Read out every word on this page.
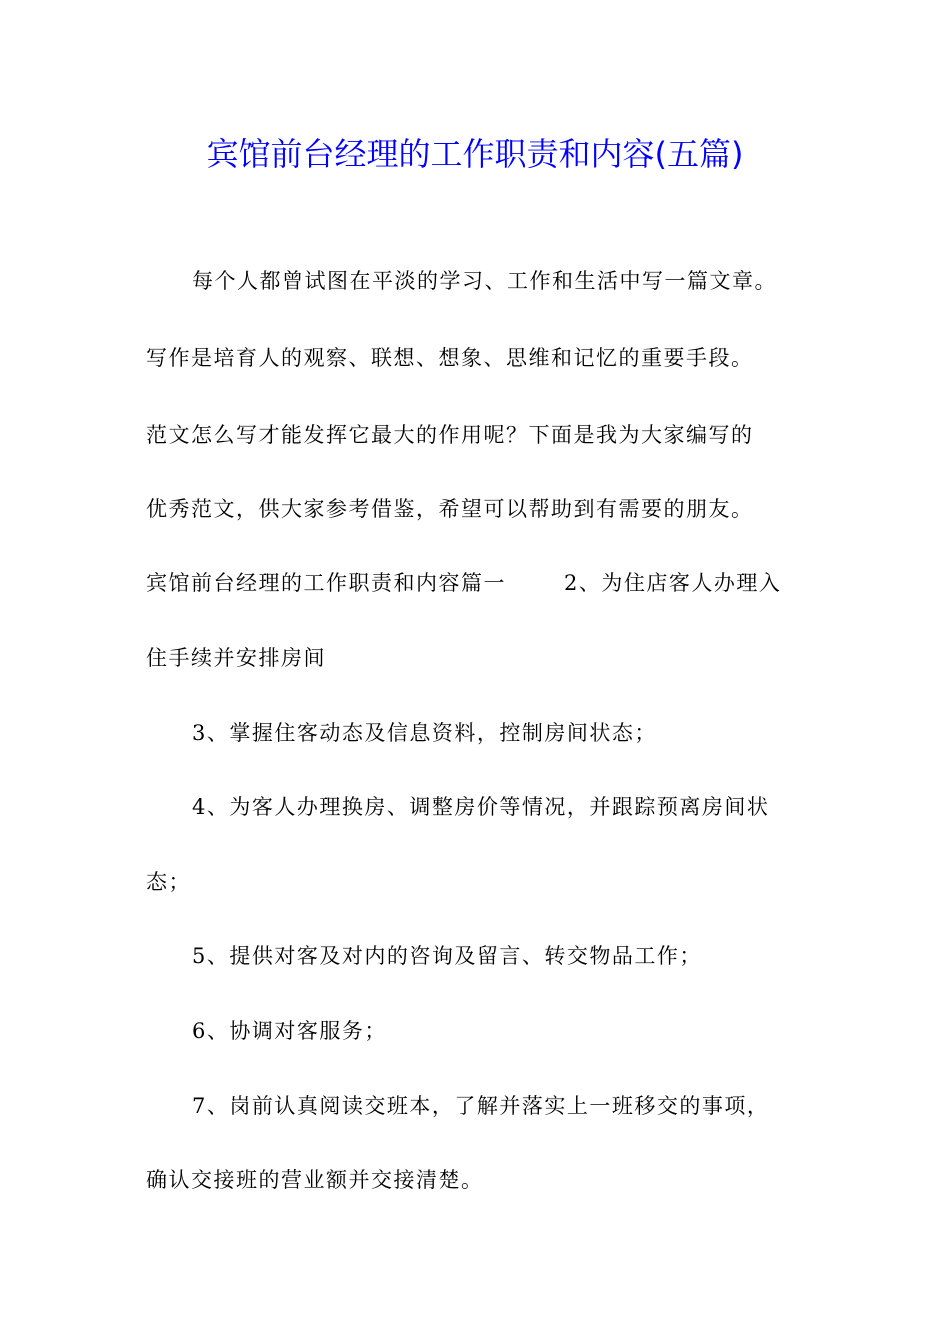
宾馆前台经理的工作职责和内容(五篇)
每个人都曾试图在平淡的学习、工作和生活中写一篇文章。
写作是培育人的观察、联想、想象、思维和记忆的重要手段。
范文怎么写才能发挥它最大的作用呢？下面是我为大家编写的
优秀范文，供大家参考借鉴，希望可以帮助到有需要的朋友。
宾馆前台经理的工作职责和内容篇一	2、为住店客人办理入
住手续并安排房间
3、掌握住客动态及信息资料，控制房间状态；
4、为客人办理换房、调整房价等情况，并跟踪预离房间状
态；
5、提供对客及对内的咨询及留言、转交物品工作；
6、协调对客服务；
7、岗前认真阅读交班本，了解并落实上一班移交的事项，
确认交接班的营业额并交接清楚。
